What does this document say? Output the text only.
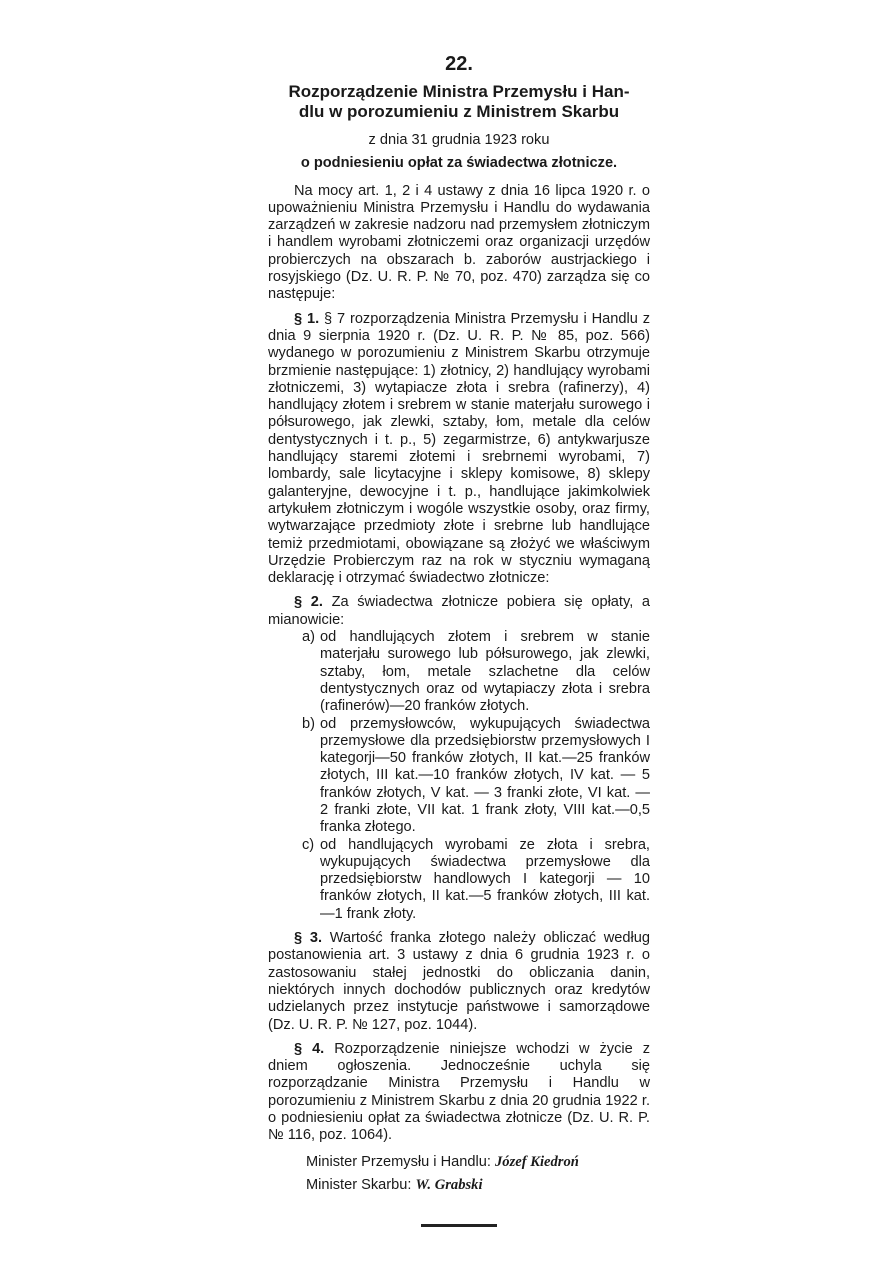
22.
Rozporządzenie Ministra Przemysłu i Han-
dlu w porozumieniu z Ministrem Skarbu
z dnia 31 grudnia 1923 roku
o podniesieniu opłat za świadectwa złotnicze.

Na mocy art. 1, 2 i 4 ustawy z dnia 16 lipca 1920 r. o upoważnieniu Ministra Przemysłu i Handlu do wydawania zarządzeń w zakresie nadzoru nad przemysłem złotniczym i handlem wyrobami złotniczemi oraz organizacji urzędów probierczych na obszarach b. zaborów austrjackiego i rosyjskiego (Dz. U. R. P. № 70, poz. 470) zarządza się co następuje:

§ 1. § 7 rozporządzenia Ministra Przemysłu i Handlu z dnia 9 sierpnia 1920 r. (Dz. U. R. P. № 85, poz. 566) wydanego w porozumieniu z Ministrem Skarbu otrzymuje brzmienie następujące: 1) złotnicy, 2) handlujący wyrobami złotniczemi, 3) wytapiacze złota i srebra (rafinerzy), 4) handlujący złotem i srebrem w stanie materjału surowego i półsurowego, jak zlewki, sztaby, łom, metale dla celów dentystycznych i t. p., 5) zegarmistrze, 6) antykwarjusze handlujący staremi złotemi i srebrnemi wyrobami, 7) lombardy, sale licytacyjne i sklepy komisowe, 8) sklepy galanteryjne, dewocyjne i t. p., handlujące jakimkolwiek artykułem złotniczym i wogóle wszystkie osoby, oraz firmy, wytwarzające przedmioty złote i srebrne lub handlujące temiż przedmiotami, obowiązane są złożyć we właściwym Urzędzie Probierczym raz na rok w styczniu wymaganą deklarację i otrzymać świadectwo złotnicze:

§ 2. Za świadectwa złotnicze pobiera się opłaty, a mianowicie:

a) od handlujących złotem i srebrem w stanie materjału surowego lub półsurowego, jak zlewki, sztaby, łom, metale szlachetne dla celów dentystycznych oraz od wytapiaczy złota i srebra (rafinerów)—20 franków złotych.
b) od przemysłowców, wykupujących świadectwa przemysłowe dla przedsiębiorstw przemysłowych I kategorji—50 franków złotych, II kat.—25 franków złotych, III kat.—10 franków złotych, IV kat. — 5 franków złotych, V kat. — 3 franki złote, VI kat. — 2 franki złote, VII kat. 1 frank złoty, VIII kat.—0,5 franka złotego.
c) od handlujących wyrobami ze złota i srebra, wykupujących świadectwa przemysłowe dla przedsiębiorstw handlowych I kategorji — 10 franków złotych, II kat.—5 franków złotych, III kat.—1 frank złoty.

§ 3. Wartość franka złotego należy obliczać według postanowienia art. 3 ustawy z dnia 6 grudnia 1923 r. o zastosowaniu stałej jednostki do obliczania danin, niektórych innych dochodów publicznych oraz kredytów udzielanych przez instytucje państwowe i samorządowe (Dz. U. R. P. № 127, poz. 1044).

§ 4. Rozporządzenie niniejsze wchodzi w życie z dniem ogłoszenia. Jednocześnie uchyla się rozporządzanie Ministra Przemysłu i Handlu w porozumieniu z Ministrem Skarbu z dnia 20 grudnia 1922 r. o podniesieniu opłat za świadectwa złotnicze (Dz. U. R. P. № 116, poz. 1064).

Minister Przemysłu i Handlu: Józef Kiedroń
Minister Skarbu: W. Grabski
